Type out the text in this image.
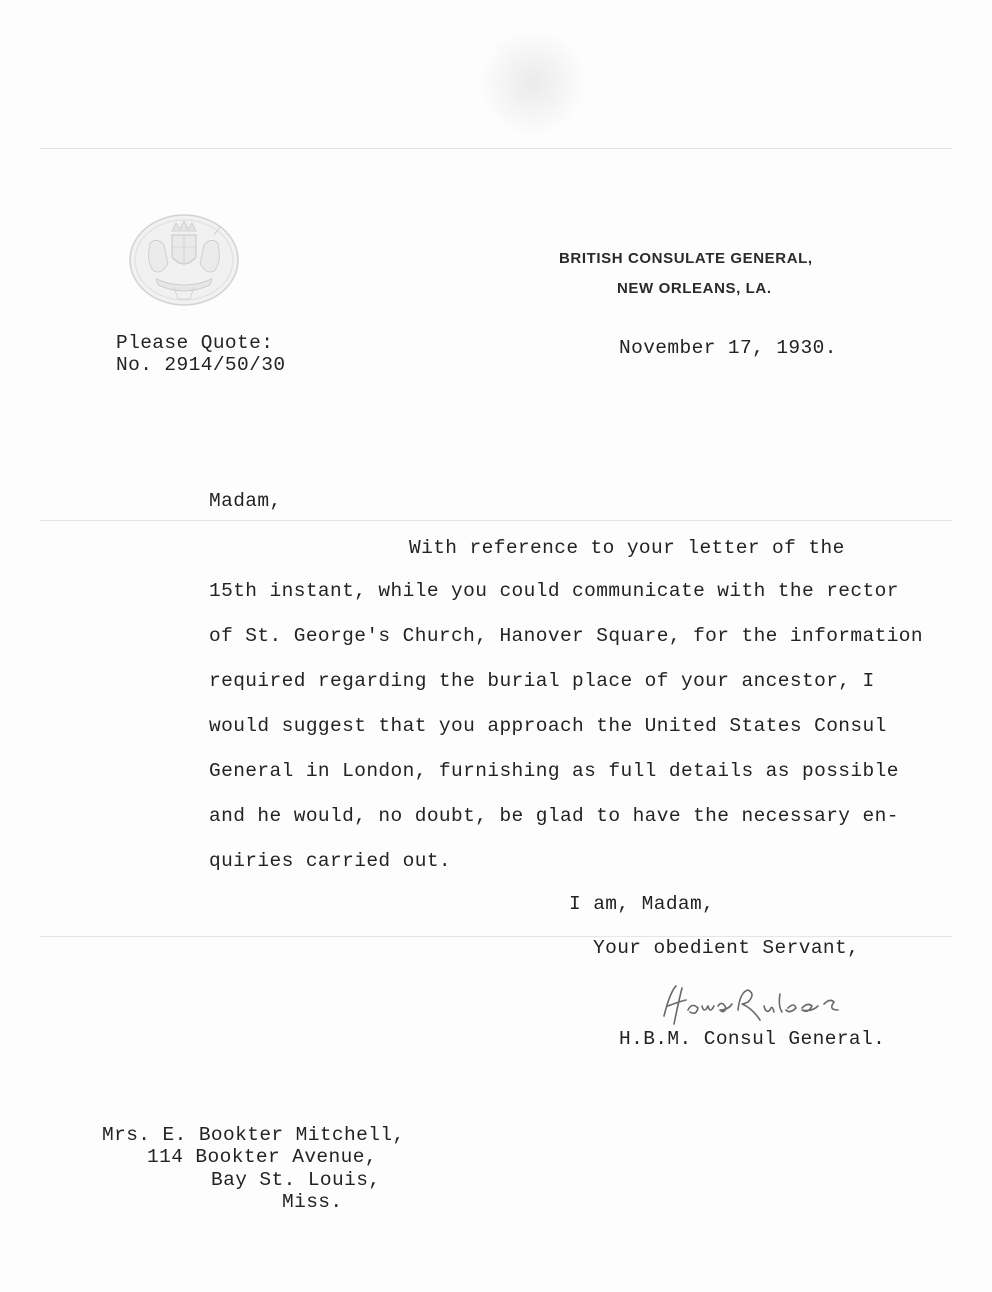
BRITISH CONSULATE GENERAL,
NEW ORLEANS, LA.
Please Quote:
No. 2914/50/30
November 17, 1930.
Madam,
With reference to your letter of the
15th instant, while you could communicate with the rector
of St. George's Church, Hanover Square, for the information
required regarding the burial place of your ancestor, I
would suggest that you approach the United States Consul
General in London, furnishing as full details as possible
and he would, no doubt, be glad to have the necessary en-
quiries carried out.
I am, Madam,
Your obedient Servant,
H.B.M. Consul General.
Mrs. E. Bookter Mitchell,
114 Bookter Avenue,
Bay St. Louis,
Miss.
